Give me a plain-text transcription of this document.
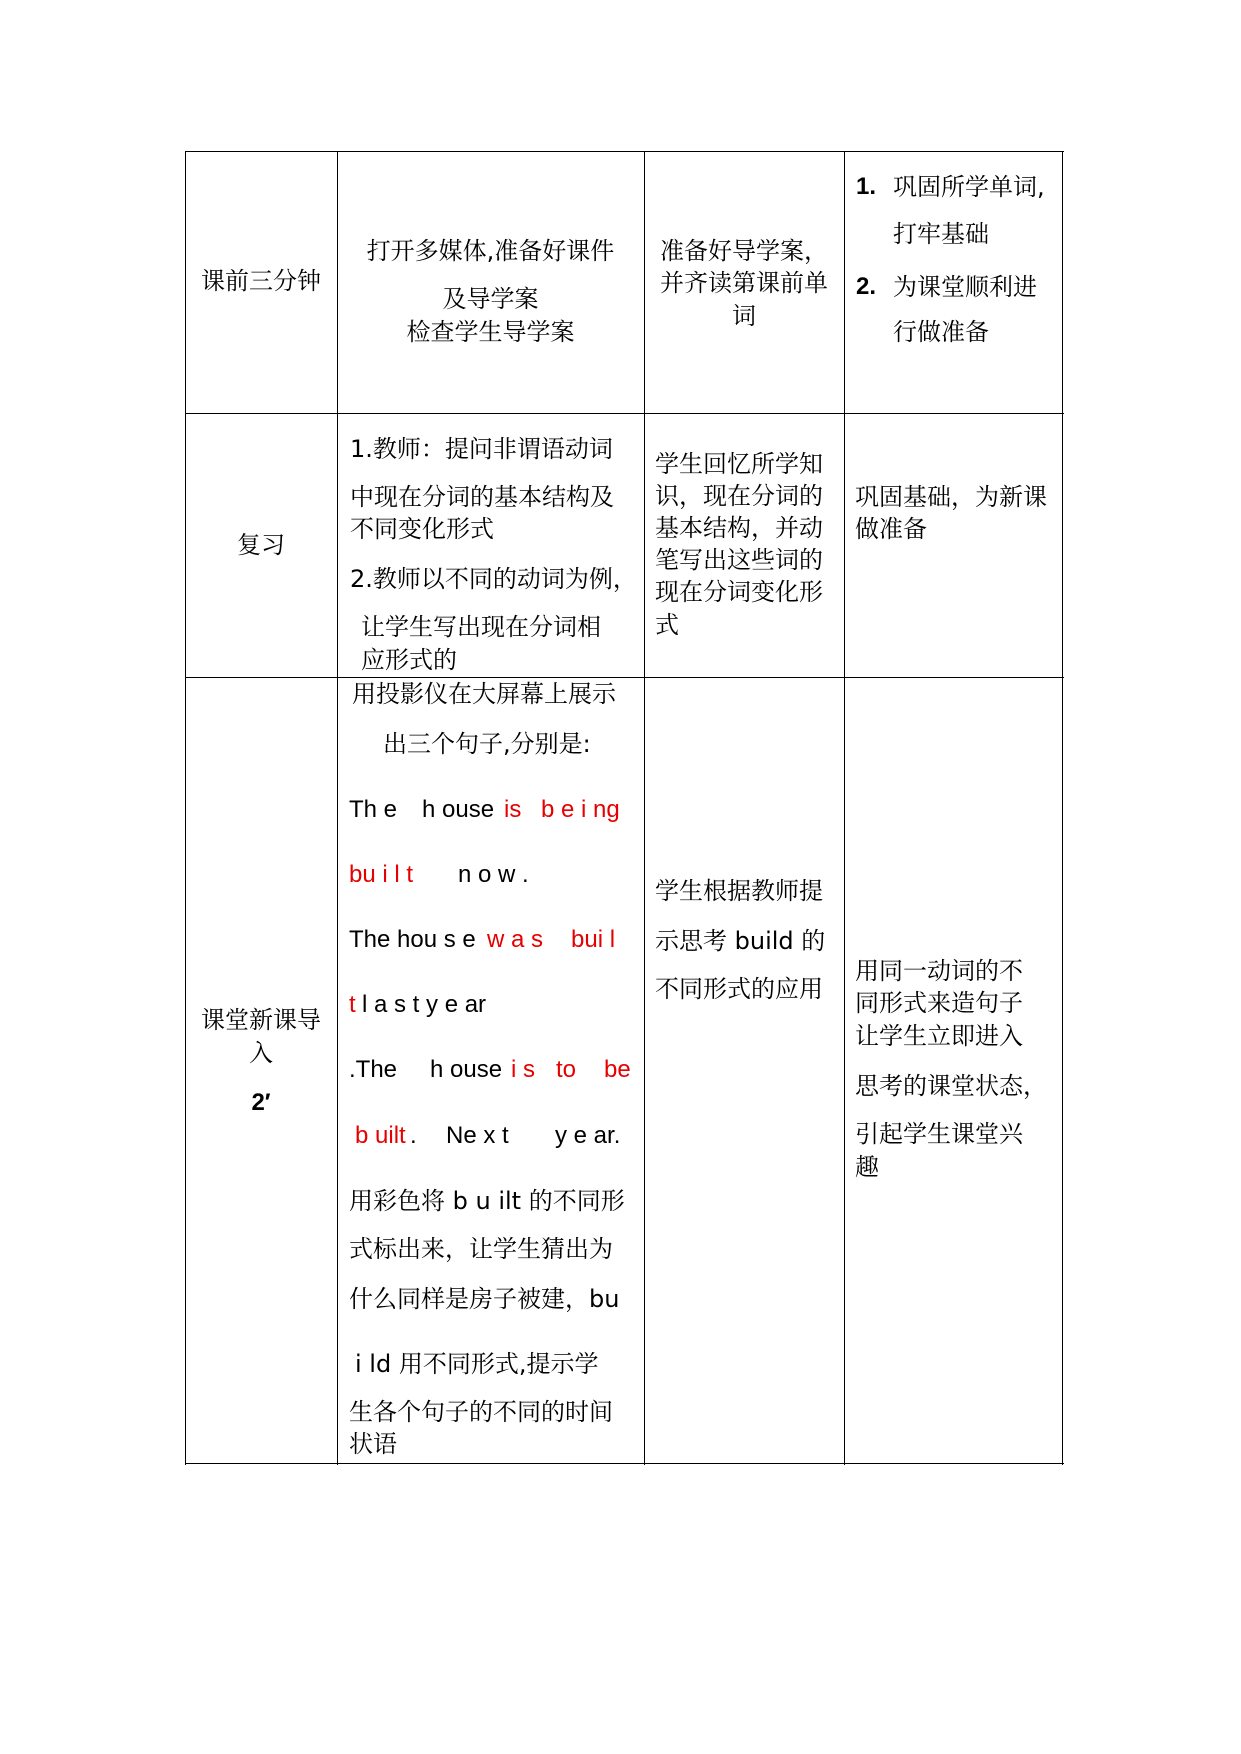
课前三分钟
打开多媒体,准备好课件
及导学案
检查学生导学案
准备好导学案，
并齐读第课前单
词
1. 巩固所学单词,
打牢基础
2. 为课堂顺利进
行做准备
复习
1.教师：提问非谓语动词
中现在分词的基本结构及
不同变化形式
2.教师以不同的动词为例，
让学生写出现在分词相
应形式的
学生回忆所学知
识，现在分词的
基本结构，并动
笔写出这些词的
现在分词变化形
式
巩固基础，为新课
做准备
课堂新课导
入
2′
用投影仪在大屏幕上展示
出三个句子,分别是:
Th e h ouse is b e i ng
bu i l t n o w .
The hou s e w a s bui l
t l a s t y e ar
.The h ouse i s to be
b uilt . Ne x t y e ar.
用彩色将 b u ilt 的不同形
式标出来，让学生猜出为
什么同样是房子被建，bu
i ld 用不同形式,提示学
生各个句子的不同的时间
状语
学生根据教师提
示思考 build 的
不同形式的应用
用同一动词的不
同形式来造句子
让学生立即进入
思考的课堂状态，
引起学生课堂兴
趣
